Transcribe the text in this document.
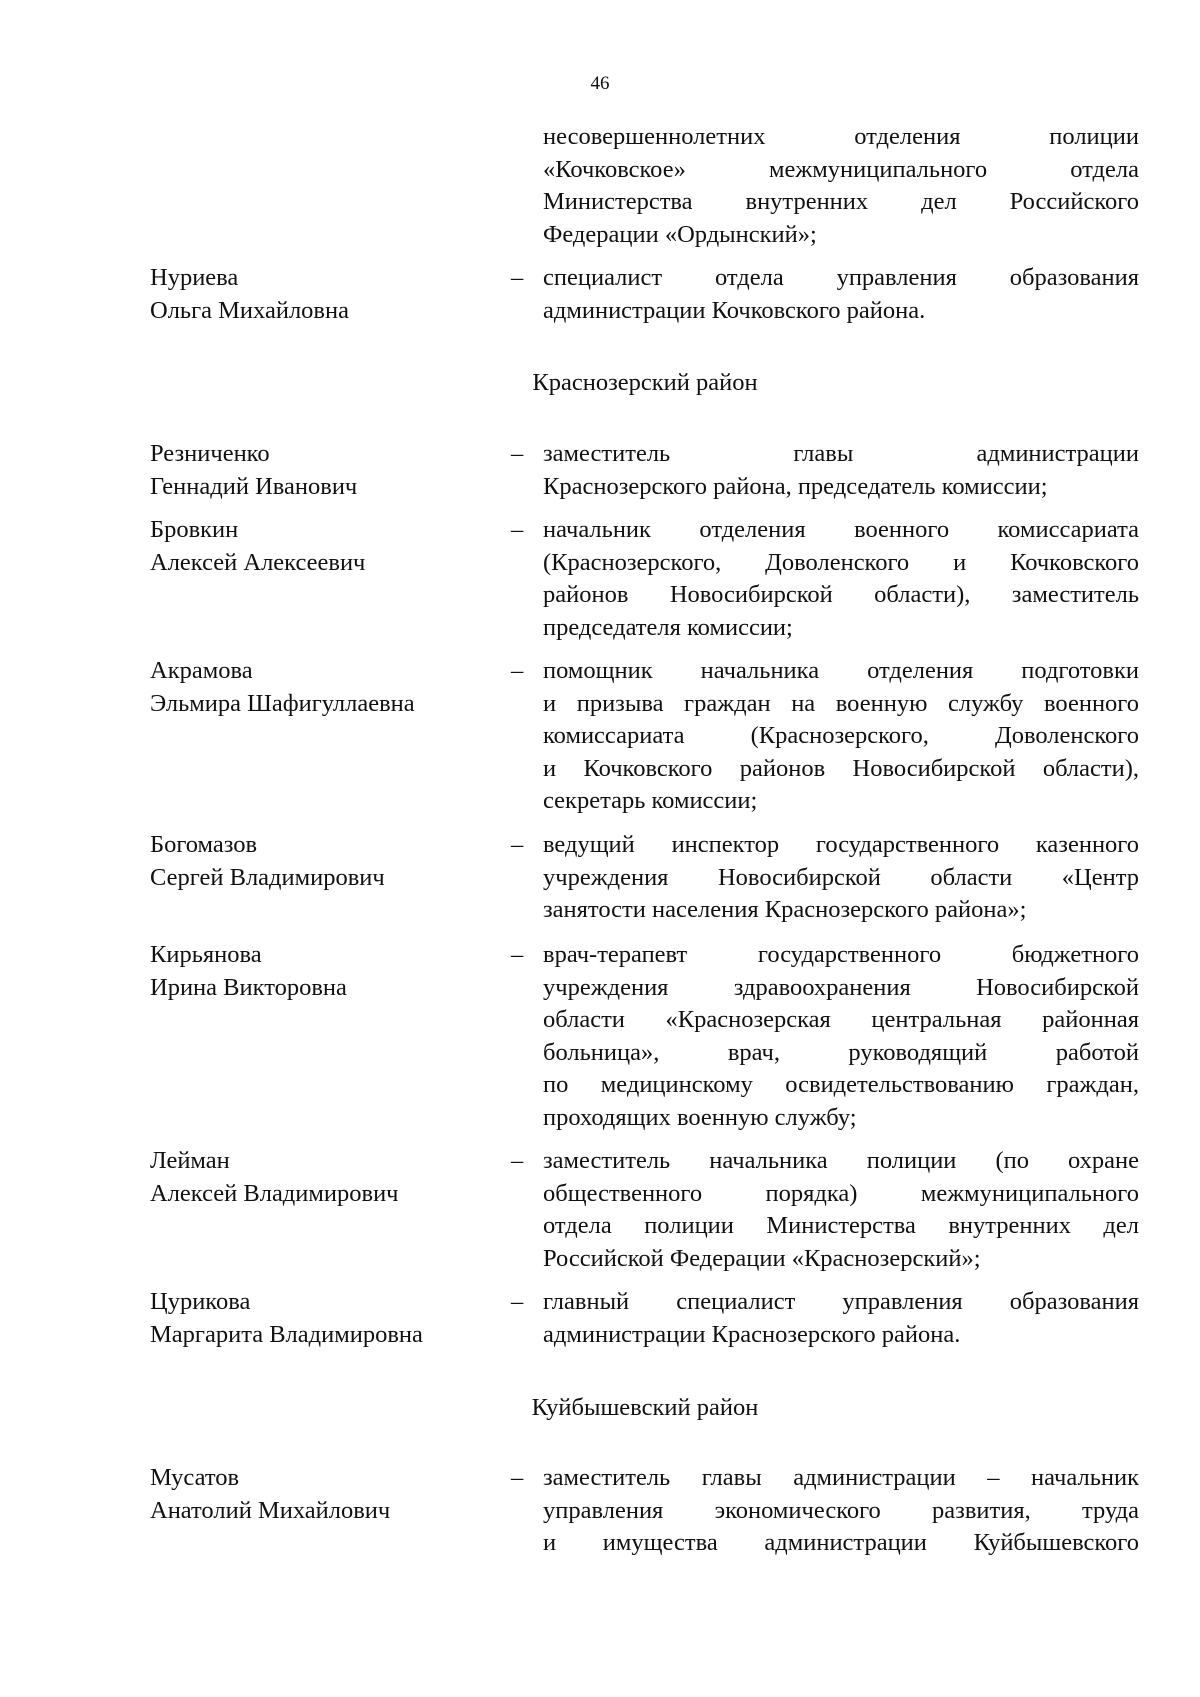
46
несовершеннолетних отделения полиции
«Кочковское» межмуниципального отдела
Министерства внутренних дел Российского
Федерации «Ордынский»;
Нуриева
Ольга Михайловна
– специалист отдела управления образования
администрации Кочковского района.
Краснозерский район
Резниченко
Геннадий Иванович
– заместитель главы администрации
Краснозерского района, председатель комиссии;
Бровкин
Алексей Алексеевич
– начальник отделения военного комиссариата
(Краснозерского, Доволенского и Кочковского
районов Новосибирской области), заместитель
председателя комиссии;
Акрамова
Эльмира Шафигуллаевна
– помощник начальника отделения подготовки
и призыва граждан на военную службу военного
комиссариата (Краснозерского, Доволенского
и Кочковского районов Новосибирской области),
секретарь комиссии;
Богомазов
Сергей Владимирович
– ведущий инспектор государственного казенного
учреждения Новосибирской области «Центр
занятости населения Краснозерского района»;
Кирьянова
Ирина Викторовна
– врач-терапевт государственного бюджетного
учреждения здравоохранения Новосибирской
области «Краснозерская центральная районная
больница», врач, руководящий работой
по медицинскому освидетельствованию граждан,
проходящих военную службу;
Лейман
Алексей Владимирович
– заместитель начальника полиции (по охране
общественного порядка) межмуниципального
отдела полиции Министерства внутренних дел
Российской Федерации «Краснозерский»;
Цурикова
Маргарита Владимировна
– главный специалист управления образования
администрации Краснозерского района.
Куйбышевский район
Мусатов
Анатолий Михайлович
– заместитель главы администрации – начальник
управления экономического развития, труда
и имущества администрации Куйбышевского
